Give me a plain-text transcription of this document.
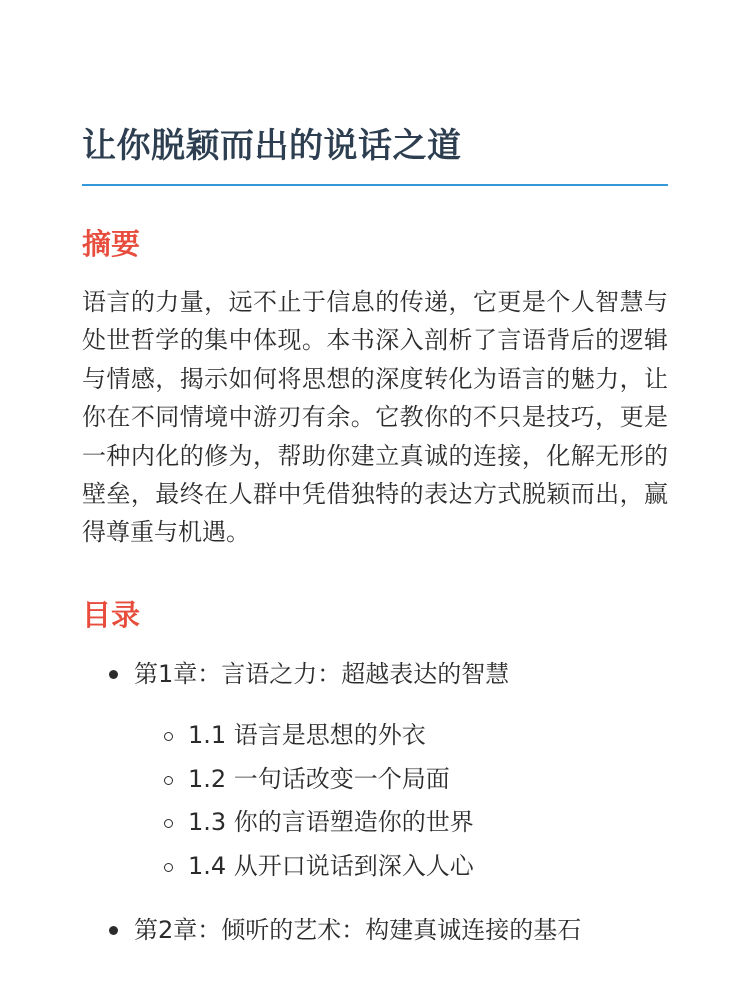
让你脱颖而出的说话之道
摘要

语言的力量，远不止于信息的传递，它更是个人智慧与处世哲学的集中体现。本书深入剖析了言语背后的逻辑与情感，揭示如何将思想的深度转化为语言的魅力，让你在不同情境中游刃有余。它教你的不只是技巧，更是一种内化的修为，帮助你建立真诚的连接，化解无形的壁垒，最终在人群中凭借独特的表达方式脱颖而出，赢得尊重与机遇。

目录
第1章：言语之力：超越表达的智慧
1.1 语言是思想的外衣
1.2 一句话改变一个局面
1.3 你的言语塑造你的世界
1.4 从开口说话到深入人心
第2章：倾听的艺术：构建真诚连接的基石
